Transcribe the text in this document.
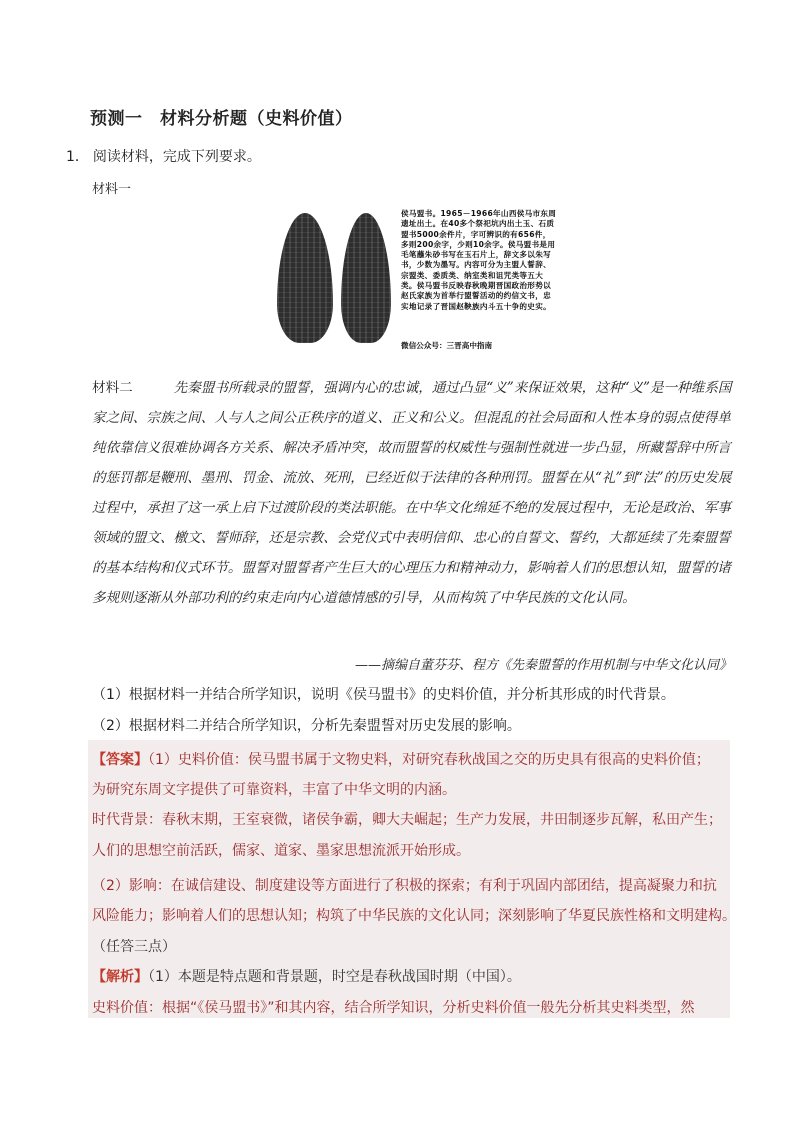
预测一　材料分析题（史料价值）
1． 阅读材料，完成下列要求。
材料一
侯马盟书。1965－1966年山西侯马市东周遗址出土。在40多个祭祀坑内出土玉、石质盟书5000余件片，字可辨识的有656件，多则200余字，少则10余字。侯马盟书是用毛笔蘸朱砂书写在玉石片上，辞文多以朱写书，少数为墨写。内容可分为主盟人誓辞、宗盟类、委质类、纳室类和诅咒类等五大类。侯马盟书反映春秋晚期晋国政治形势以赵氏家族为首举行盟誓活动的约信文书，忠实地记录了晋国赵鞅族内斗五十争的史实。
微信公众号：三晋高中指南
材料二　　　	先秦盟书所载录的盟誓，强调内心的忠诚，通过凸显“义”来保证效果，这种“义”是一种维系国家之间、宗族之间、人与人之间公正秩序的道义、正义和公义。但混乱的社会局面和人性本身的弱点使得单纯依靠信义很难协调各方关系、解决矛盾冲突，故而盟誓的权威性与强制性就进一步凸显，所藏誓辞中所言的惩罚都是鞭刑、墨刑、罚金、流放、死刑，已经近似于法律的各种刑罚。盟誓在从“礼”到“法”的历史发展过程中，承担了这一承上启下过渡阶段的类法职能。在中华文化绵延不绝的发展过程中，无论是政治、军事领域的盟文、檄文、誓师辞，还是宗教、会党仪式中表明信仰、忠心的自誓文、誓约，大都延续了先秦盟誓的基本结构和仪式环节。盟誓对盟誓者产生巨大的心理压力和精神动力，影响着人们的思想认知，盟誓的诸多规则逐渐从外部功利的约束走向内心道德情感的引导，从而构筑了中华民族的文化认同。
——摘编自董芬芬、程方《先秦盟誓的作用机制与中华文化认同》
（1）根据材料一并结合所学知识，说明《侯马盟书》的史料价值，并分析其形成的时代背景。
（2）根据材料二并结合所学知识，分析先秦盟誓对历史发展的影响。
【答案】（1）史料价值：侯马盟书属于文物史料，对研究春秋战国之交的历史具有很高的史料价值；
为研究东周文字提供了可靠资料，丰富了中华文明的内涵。
时代背景：春秋末期，王室衰微，诸侯争霸，卿大夫崛起；生产力发展，井田制逐步瓦解，私田产生；
人们的思想空前活跃，儒家、道家、墨家思想流派开始形成。
（2）影响：在诚信建设、制度建设等方面进行了积极的探索；有利于巩固内部团结，提高凝聚力和抗
风险能力；影响着人们的思想认知；构筑了中华民族的文化认同；深刻影响了华夏民族性格和文明建构。
（任答三点）
【解析】（1）本题是特点题和背景题，时空是春秋战国时期（中国）。
史料价值：根据“《侯马盟书》”和其内容，结合所学知识，分析史料价值一般先分析其史料类型，然
